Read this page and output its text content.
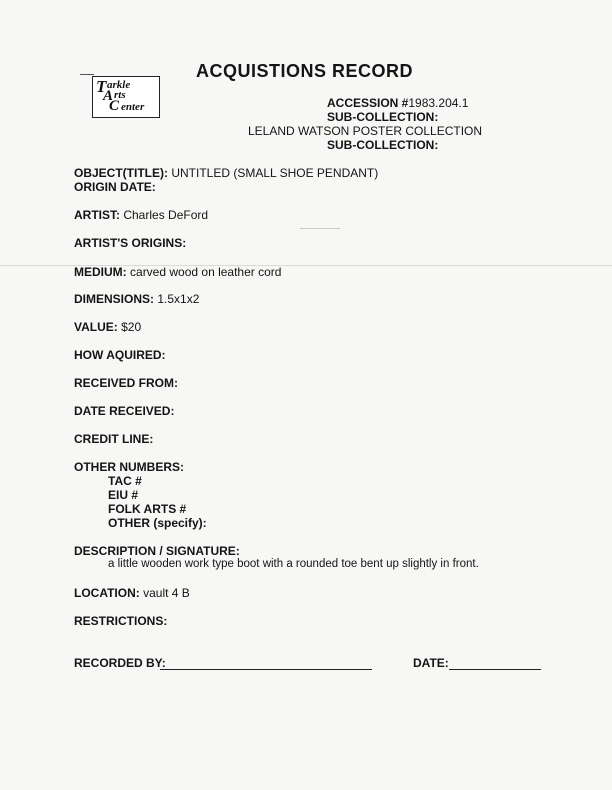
T arkle
A rts
C enter
ACQUISTIONS RECORD
ACCESSION #1983.204.1
SUB-COLLECTION:
LELAND WATSON POSTER COLLECTION
SUB-COLLECTION:
OBJECT(TITLE): UNTITLED (SMALL SHOE PENDANT)
ORIGIN DATE:
ARTIST: Charles DeFord
ARTIST'S ORIGINS:
MEDIUM: carved wood on leather cord
DIMENSIONS: 1.5x1x2
VALUE: $20
HOW AQUIRED:
RECEIVED FROM:
DATE RECEIVED:
CREDIT LINE:
OTHER NUMBERS:
TAC #
EIU #
FOLK ARTS #
OTHER (specify):
DESCRIPTION / SIGNATURE:
a little wooden work type boot with a rounded toe bent up slightly in front.
LOCATION: vault 4 B
RESTRICTIONS:
RECORDED BY:	DATE:
